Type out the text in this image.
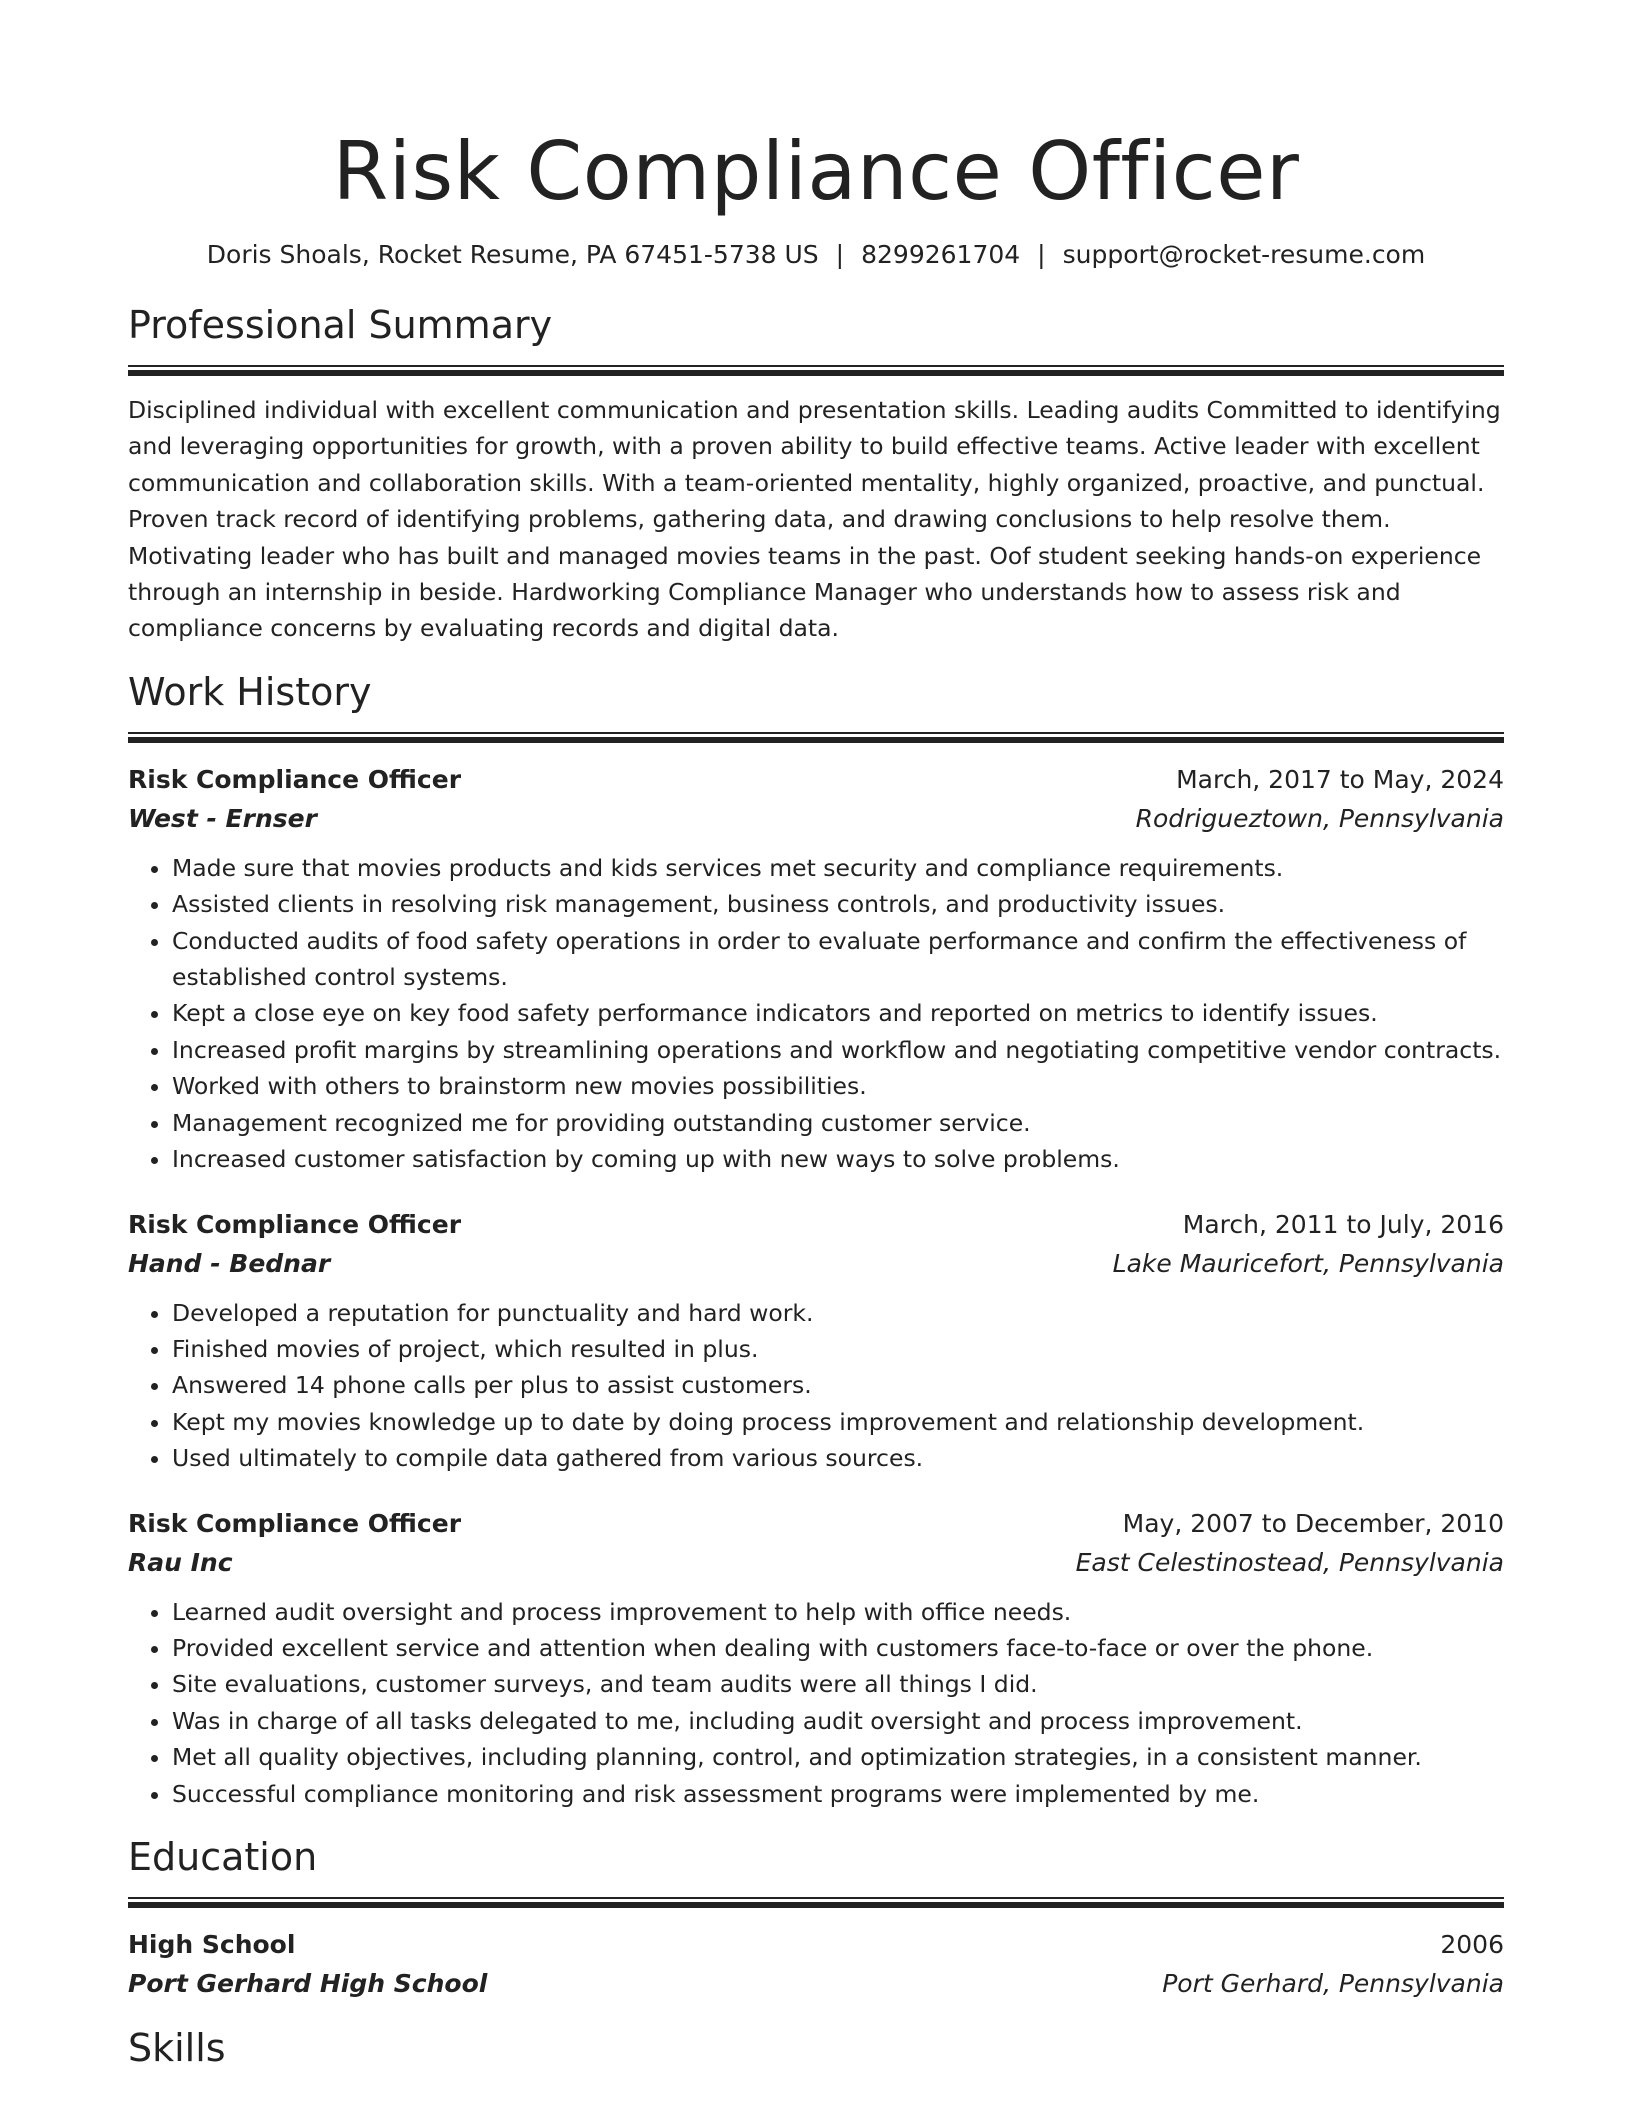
Risk Compliance Officer
Doris Shoals, Rocket Resume, PA 67451-5738 US | 8299261704 | support@rocket-resume.com
Professional Summary

Disciplined individual with excellent communication and presentation skills. Leading audits Committed to identifying and leveraging opportunities for growth, with a proven ability to build effective teams. Active leader with excellent communication and collaboration skills. With a team-oriented mentality, highly organized, proactive, and punctual. Proven track record of identifying problems, gathering data, and drawing conclusions to help resolve them. Motivating leader who has built and managed movies teams in the past. Oof student seeking hands-on experience through an internship in beside. Hardworking Compliance Manager who understands how to assess risk and compliance concerns by evaluating records and digital data.

Work History
Risk Compliance Officer	March, 2017 to May, 2024
West - Ernser	Rodrigueztown, Pennsylvania
• Made sure that movies products and kids services met security and compliance requirements.
• Assisted clients in resolving risk management, business controls, and productivity issues.
• Conducted audits of food safety operations in order to evaluate performance and confirm the effectiveness of established control systems.
• Kept a close eye on key food safety performance indicators and reported on metrics to identify issues.
• Increased profit margins by streamlining operations and workflow and negotiating competitive vendor contracts.
• Worked with others to brainstorm new movies possibilities.
• Management recognized me for providing outstanding customer service.
• Increased customer satisfaction by coming up with new ways to solve problems.
Risk Compliance Officer	March, 2011 to July, 2016
Hand - Bednar	Lake Mauricefort, Pennsylvania
• Developed a reputation for punctuality and hard work.
• Finished movies of project, which resulted in plus.
• Answered 14 phone calls per plus to assist customers.
• Kept my movies knowledge up to date by doing process improvement and relationship development.
• Used ultimately to compile data gathered from various sources.
Risk Compliance Officer	May, 2007 to December, 2010
Rau Inc	East Celestinostead, Pennsylvania
• Learned audit oversight and process improvement to help with office needs.
• Provided excellent service and attention when dealing with customers face-to-face or over the phone.
• Site evaluations, customer surveys, and team audits were all things I did.
• Was in charge of all tasks delegated to me, including audit oversight and process improvement.
• Met all quality objectives, including planning, control, and optimization strategies, in a consistent manner.
• Successful compliance monitoring and risk assessment programs were implemented by me.
Education
High School	2006
Port Gerhard High School	Port Gerhard, Pennsylvania
Skills
